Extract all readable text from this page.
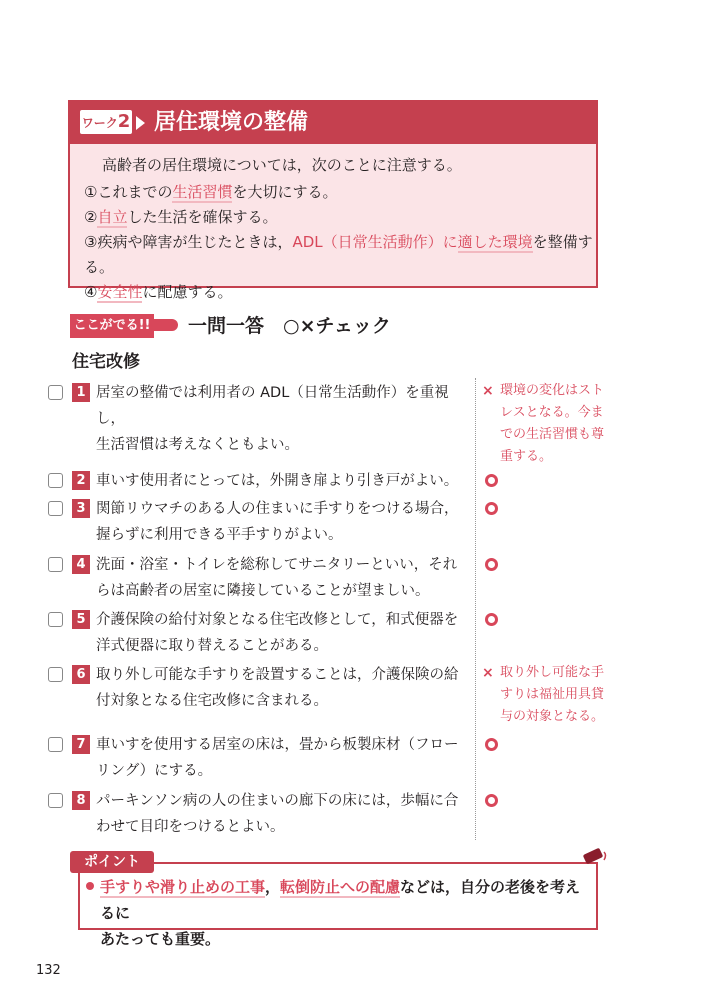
ワーク2 居住環境の整備
高齢者の居住環境については，次のことに注意する。
①これまでの生活習慣を大切にする。
②自立した生活を確保する。
③疾病や障害が生じたときは，ADL（日常生活動作）に適した環境を整備する。
④安全性に配慮する。
ここがでる!! 一問一答　○×チェック
住宅改修
1 居室の整備では利用者の ADL（日常生活動作）を重視し，
生活習慣は考えなくともよい。
× 環境の変化はスト
レスとなる。今ま
での生活習慣も尊
重する。
2 車いす使用者にとっては，外開き扉より引き戸がよい。
3 関節リウマチのある人の住まいに手すりをつける場合，
握らずに利用できる平手すりがよい。
4 洗面・浴室・トイレを総称してサニタリーといい，それ
らは高齢者の居室に隣接していることが望ましい。
5 介護保険の給付対象となる住宅改修として，和式便器を
洋式便器に取り替えることがある。
6 取り外し可能な手すりを設置することは，介護保険の給
付対象となる住宅改修に含まれる。
× 取り外し可能な手
すりは福祉用具貸
与の対象となる。
7 車いすを使用する居室の床は，畳から板製床材（フロー
リング）にする。
8 パーキンソン病の人の住まいの廊下の床には，歩幅に合
わせて目印をつけるとよい。
ポイント
手すりや滑り止めの工事，転倒防止への配慮などは，自分の老後を考えるに
あたっても重要。
132
